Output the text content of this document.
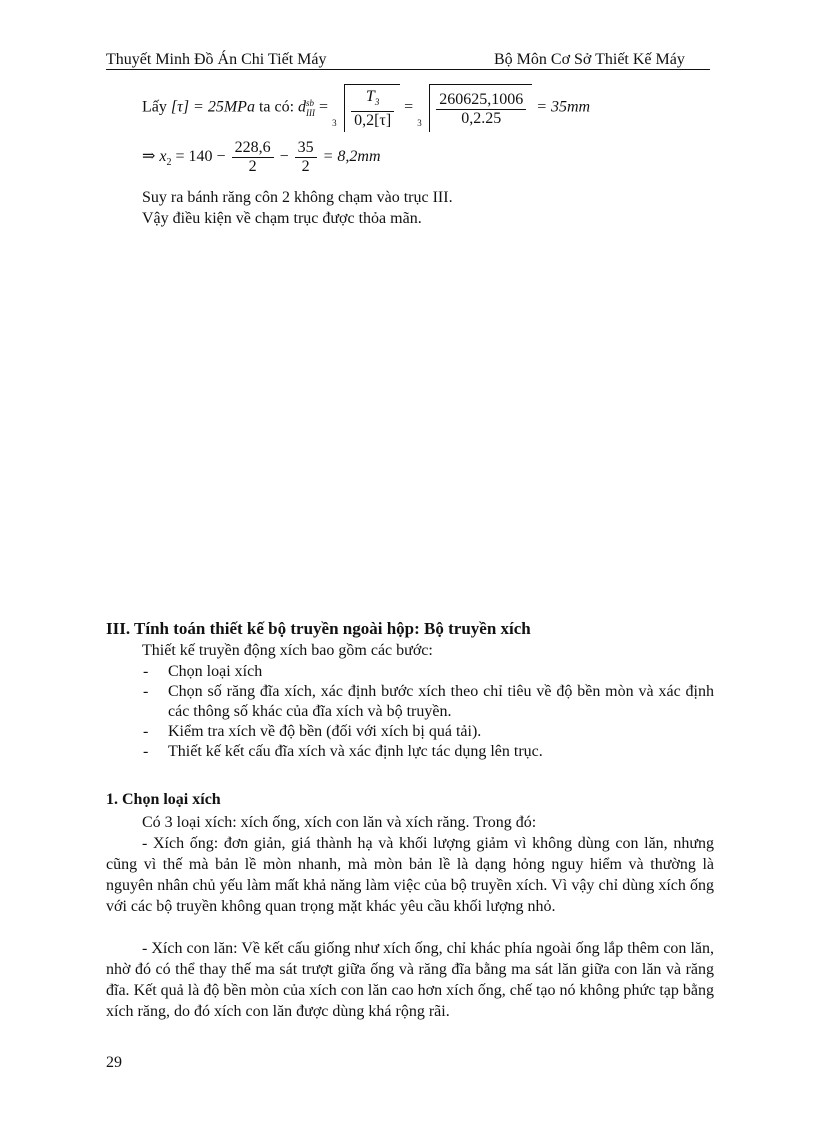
Thuyết Minh Đồ Án Chi Tiết Máy	Bộ Môn Cơ Sở Thiết Kế Máy
Lấy [τ] = 25MPa ta có: dsb
III =
$3 \frac{T_3}{0,2[\tau]}$ =
$3 \frac{260625,1006}{0,2.25} = 35mm$
⇒ $x_2 = 140 - \frac{228,6}{2} - \frac{35}{2} = 8,2mm$
Suy ra bánh răng côn 2 không chạm vào trục III.
Vậy điều kiện về chạm trục được thỏa mãn.
III. Tính toán thiết kế bộ truyền ngoài hộp: Bộ truyền xích
Thiết kế truyền động xích bao gồm các bước:
- Chọn loại xích
- Chọn số răng đĩa xích, xác định bước xích theo chỉ tiêu về độ bền mòn và xác định các thông số khác của đĩa xích và bộ truyền.
- Kiểm tra xích về độ bền (đối với xích bị quá tải).
- Thiết kế kết cấu đĩa xích và xác định lực tác dụng lên trục.
1. Chọn loại xích

Có 3 loại xích: xích ống, xích con lăn và xích răng. Trong đó:

- Xích ống: đơn giản, giá thành hạ và khối lượng giảm vì không dùng con lăn, nhưng cũng vì thế mà bản lề mòn nhanh, mà mòn bản lề là dạng hỏng nguy hiểm và thường là nguyên nhân chủ yếu làm mất khả năng làm việc của bộ truyền xích. Vì vậy chỉ dùng xích ống với các bộ truyền không quan trọng mặt khác yêu cầu khối lượng nhỏ.

- Xích con lăn: Về kết cấu giống như xích ống, chỉ khác phía ngoài ống lắp thêm con lăn, nhờ đó có thể thay thế ma sát trượt giữa ống và răng đĩa bằng ma sát lăn giữa con lăn và răng đĩa. Kết quả là độ bền mòn của xích con lăn cao hơn xích ống, chế tạo nó không phức tạp bằng xích răng, do đó xích con lăn được dùng khá rộng rãi.

29
